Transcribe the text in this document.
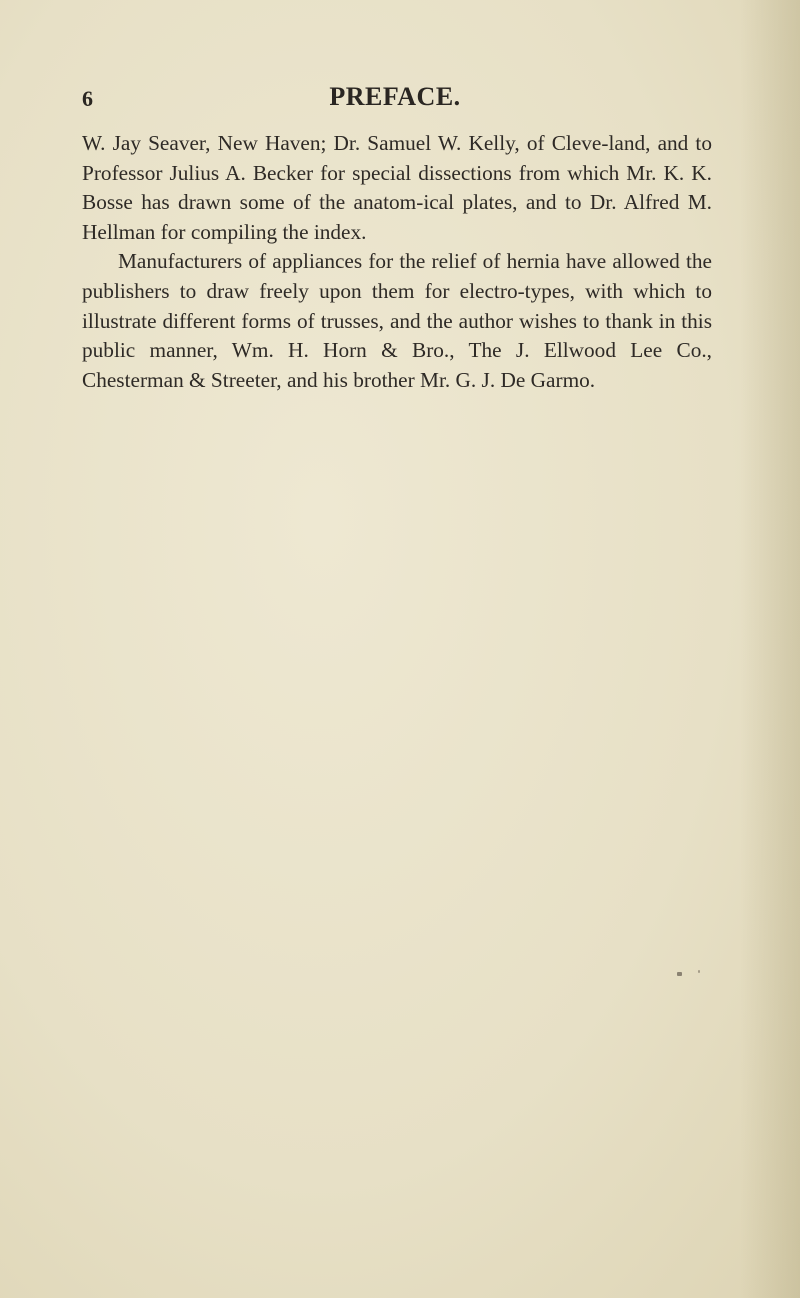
6	PREFACE.

W. Jay Seaver, New Haven; Dr. Samuel W. Kelly, of Cleve-land, and to Professor Julius A. Becker for special dissections from which Mr. K. K. Bosse has drawn some of the anatom-ical plates, and to Dr. Alfred M. Hellman for compiling the index.

Manufacturers of appliances for the relief of hernia have allowed the publishers to draw freely upon them for electro-types, with which to illustrate different forms of trusses, and the author wishes to thank in this public manner, Wm. H. Horn & Bro., The J. Ellwood Lee Co., Chesterman & Streeter, and his brother Mr. G. J. De Garmo.
